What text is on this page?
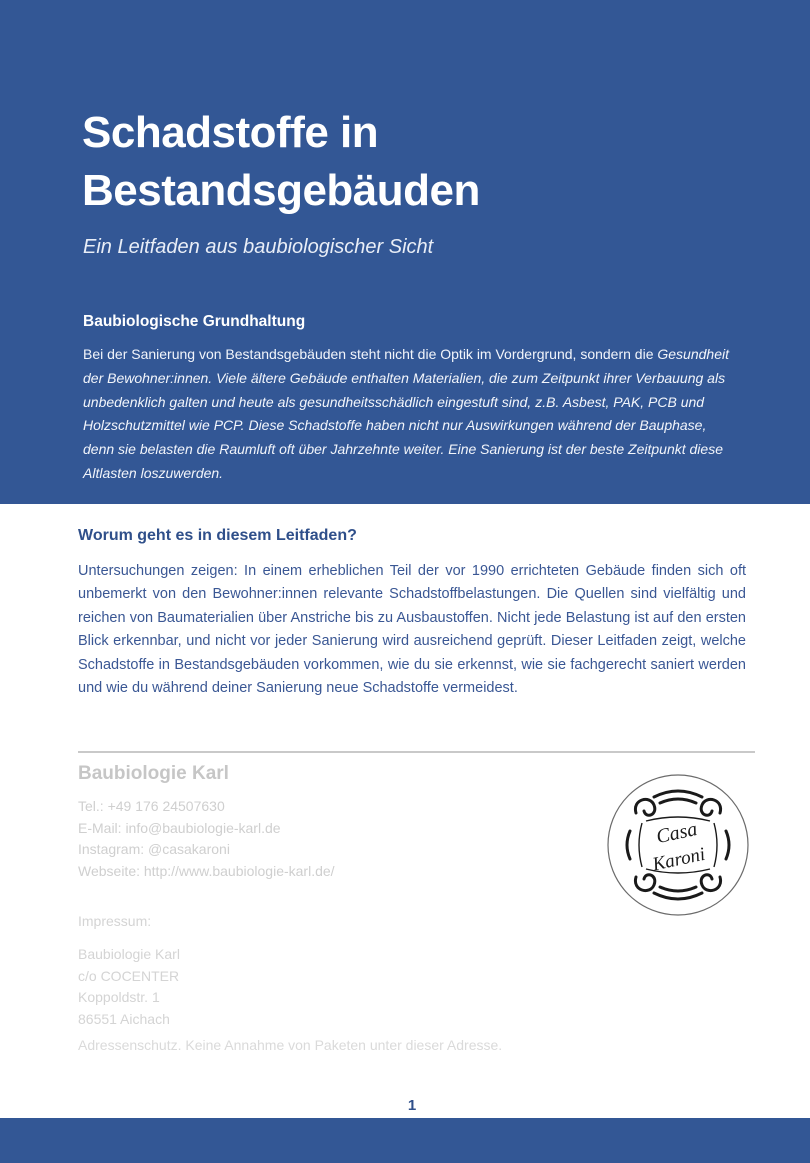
Schadstoffe in
Bestandsgebäuden

Ein Leitfaden aus baubiologischer Sicht

Baubiologische Grundhaltung

Bei der Sanierung von Bestandsgebäuden steht nicht die Optik im Vordergrund, sondern die Gesundheit der Bewohner:innen. Viele ältere Gebäude enthalten Materialien, die zum Zeitpunkt ihrer Verbauung als unbedenklich galten und heute als gesundheitsschädlich eingestuft sind, z.B. Asbest, PAK, PCB und Holzschutzmittel wie PCP. Diese Schadstoffe haben nicht nur Auswirkungen während der Bauphase, denn sie belasten die Raumluft oft über Jahrzehnte weiter. Eine Sanierung ist der beste Zeitpunkt diese Altlasten loszuwerden.

Worum geht es in diesem Leitfaden?

Untersuchungen zeigen: In einem erheblichen Teil der vor 1990 errichteten Gebäude finden sich oft unbemerkt von den Bewohner:innen relevante Schadstoffbelastungen. Die Quellen sind vielfältig und reichen von Baumaterialien über Anstriche bis zu Ausbaustoffen. Nicht jede Belastung ist auf den ersten Blick erkennbar, und nicht vor jeder Sanierung wird ausreichend geprüft. Dieser Leitfaden zeigt, welche Schadstoffe in Bestandsgebäuden vorkommen, wie du sie erkennst, wie sie fachgerecht saniert werden und wie du während deiner Sanierung neue Schadstoffe vermeidest.

Baubiologie Karl
Tel.: +49 176 24507630
E-Mail: info@baubiologie-karl.de
Instagram: @casakaroni
Webseite: http://www.baubiologie-karl.de/
Impressum:
Baubiologie Karl
c/o COCENTER
Koppoldstr. 1
86551 Aichach
Adressenschutz. Keine Annahme von Paketen unter dieser Adresse.
Casa
Karoni
1
